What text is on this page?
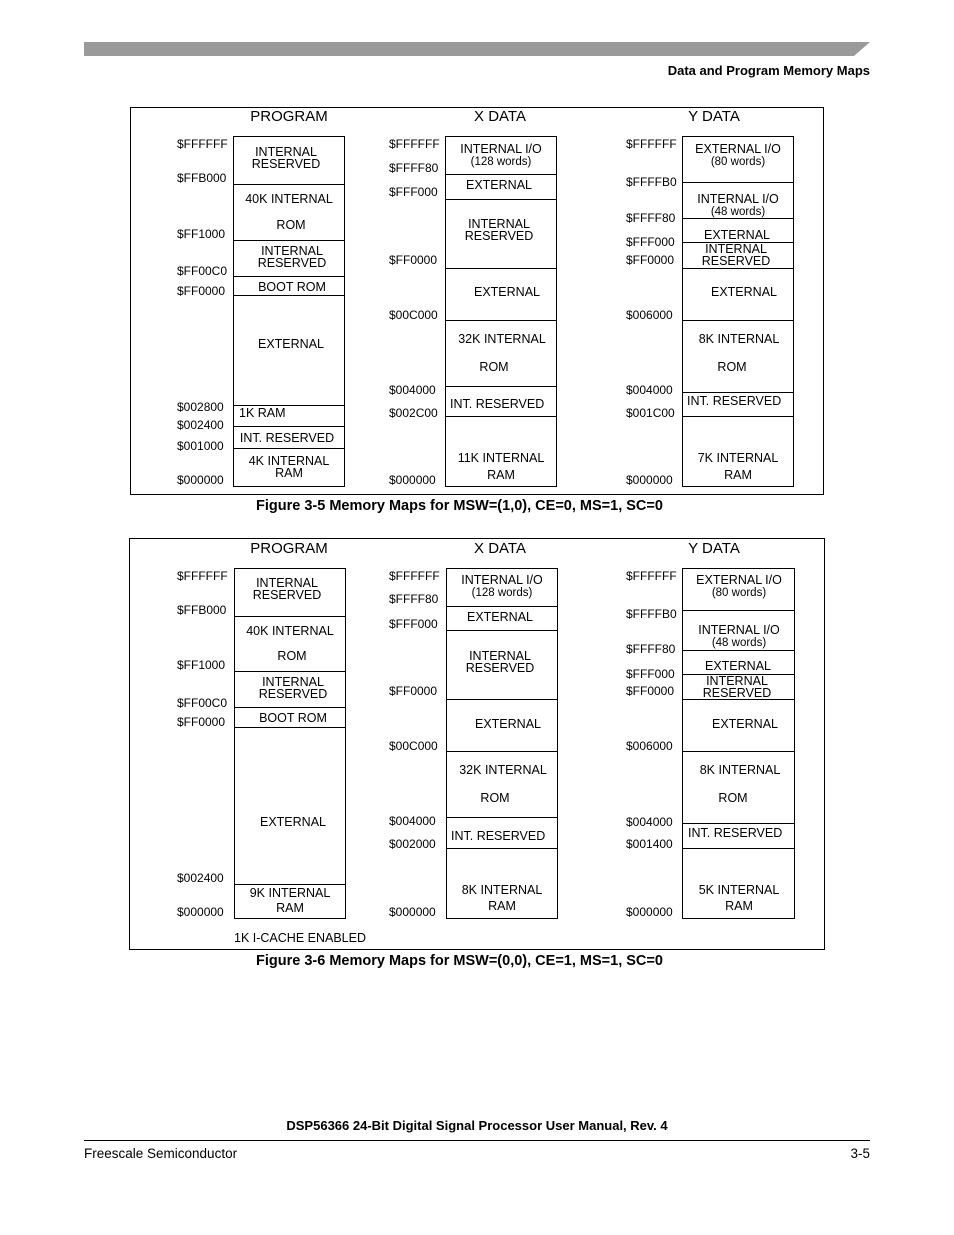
Data and Program Memory Maps
PROGRAM
$FFFFFF
$FFB000
$FF1000
$FF00C0
$FF0000
$002800
$002400
$001000
$000000
INTERNAL
RESERVED
40K INTERNAL
ROM
INTERNAL
RESERVED
BOOT ROM
EXTERNAL
1K RAM
INT. RESERVED
4K INTERNAL
RAM
X DATA
$FFFFFF
$FFFF80
$FFF000
$FF0000
$00C000
$004000
$002C00
$000000
INTERNAL I/O
(128 words)
EXTERNAL
INTERNAL
RESERVED
EXTERNAL
32K INTERNAL
ROM
INT. RESERVED
11K INTERNAL
RAM
Y DATA
$FFFFFF
$FFFFB0
$FFFF80
$FFF000
$FF0000
$006000
$004000
$001C00
$000000
EXTERNAL I/O
(80 words)
INTERNAL I/O
(48 words)
EXTERNAL
INTERNAL
RESERVED
EXTERNAL
8K INTERNAL
ROM
INT. RESERVED
7K INTERNAL
RAM
Figure 3-5 Memory Maps for MSW=(1,0), CE=0, MS=1, SC=0
PROGRAM
$FFFFFF
$FFB000
$FF1000
$FF00C0
$FF0000
$002400
$000000
INTERNAL
RESERVED
40K INTERNAL
ROM
INTERNAL
RESERVED
BOOT ROM
EXTERNAL
9K INTERNAL
RAM
1K I-CACHE ENABLED
X DATA
$FFFFFF
$FFFF80
$FFF000
$FF0000
$00C000
$004000
$002000
$000000
INTERNAL I/O
(128 words)
EXTERNAL
INTERNAL
RESERVED
EXTERNAL
32K INTERNAL
ROM
INT. RESERVED
8K INTERNAL
RAM
Y DATA
$FFFFFF
$FFFFB0
$FFFF80
$FFF000
$FF0000
$006000
$004000
$001400
$000000
EXTERNAL I/O
(80 words)
INTERNAL I/O
(48 words)
EXTERNAL
INTERNAL
RESERVED
EXTERNAL
8K INTERNAL
ROM
INT. RESERVED
5K INTERNAL
RAM
Figure 3-6 Memory Maps for MSW=(0,0), CE=1, MS=1, SC=0
DSP56366 24-Bit Digital Signal Processor User Manual, Rev. 4
Freescale Semiconductor	3-5
